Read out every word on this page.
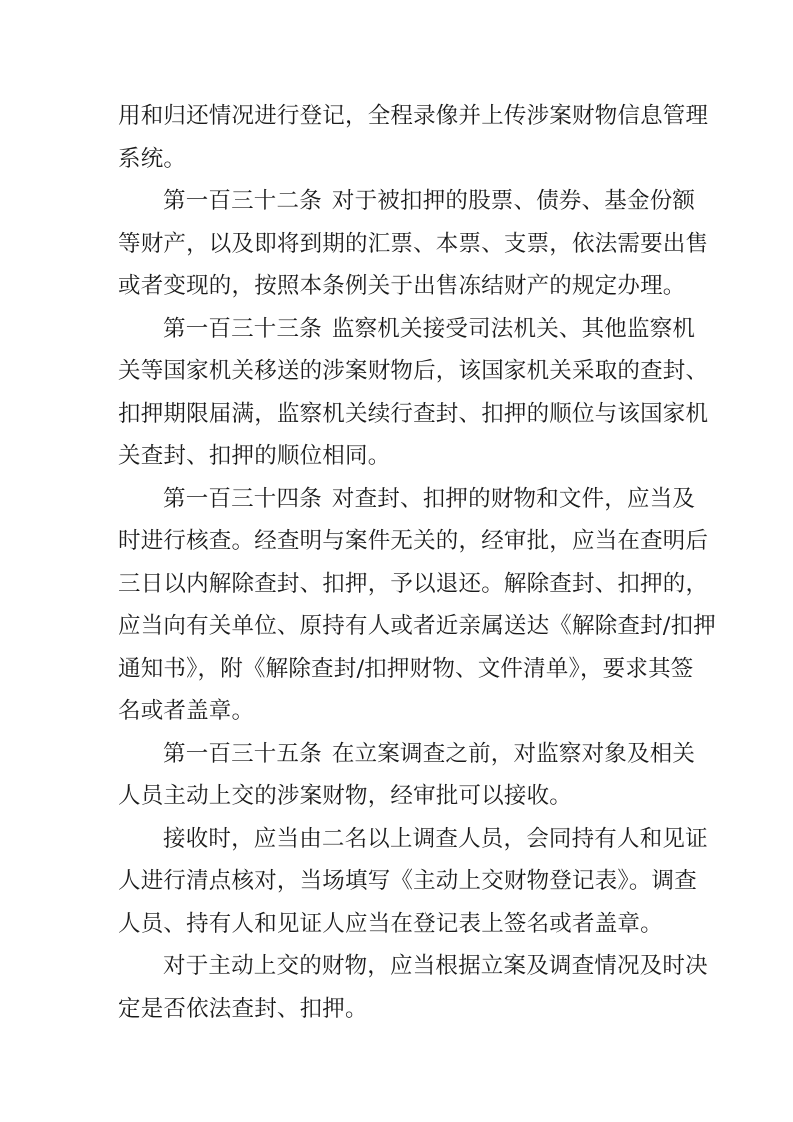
用和归还情况进行登记，全程录像并上传涉案财物信息管理
系统。
第一百三十二条 对于被扣押的股票、债券、基金份额
等财产，以及即将到期的汇票、本票、支票，依法需要出售
或者变现的，按照本条例关于出售冻结财产的规定办理。
第一百三十三条 监察机关接受司法机关、其他监察机
关等国家机关移送的涉案财物后，该国家机关采取的查封、
扣押期限届满，监察机关续行查封、扣押的顺位与该国家机
关查封、扣押的顺位相同。
第一百三十四条 对查封、扣押的财物和文件，应当及
时进行核查。经查明与案件无关的，经审批，应当在查明后
三日以内解除查封、扣押，予以退还。解除查封、扣押的，
应当向有关单位、原持有人或者近亲属送达《解除查封/扣押
通知书》，附《解除查封/扣押财物、文件清单》，要求其签
名或者盖章。
第一百三十五条 在立案调查之前，对监察对象及相关
人员主动上交的涉案财物，经审批可以接收。
接收时，应当由二名以上调查人员，会同持有人和见证
人进行清点核对，当场填写《主动上交财物登记表》。调查
人员、持有人和见证人应当在登记表上签名或者盖章。
对于主动上交的财物，应当根据立案及调查情况及时决
定是否依法查封、扣押。
